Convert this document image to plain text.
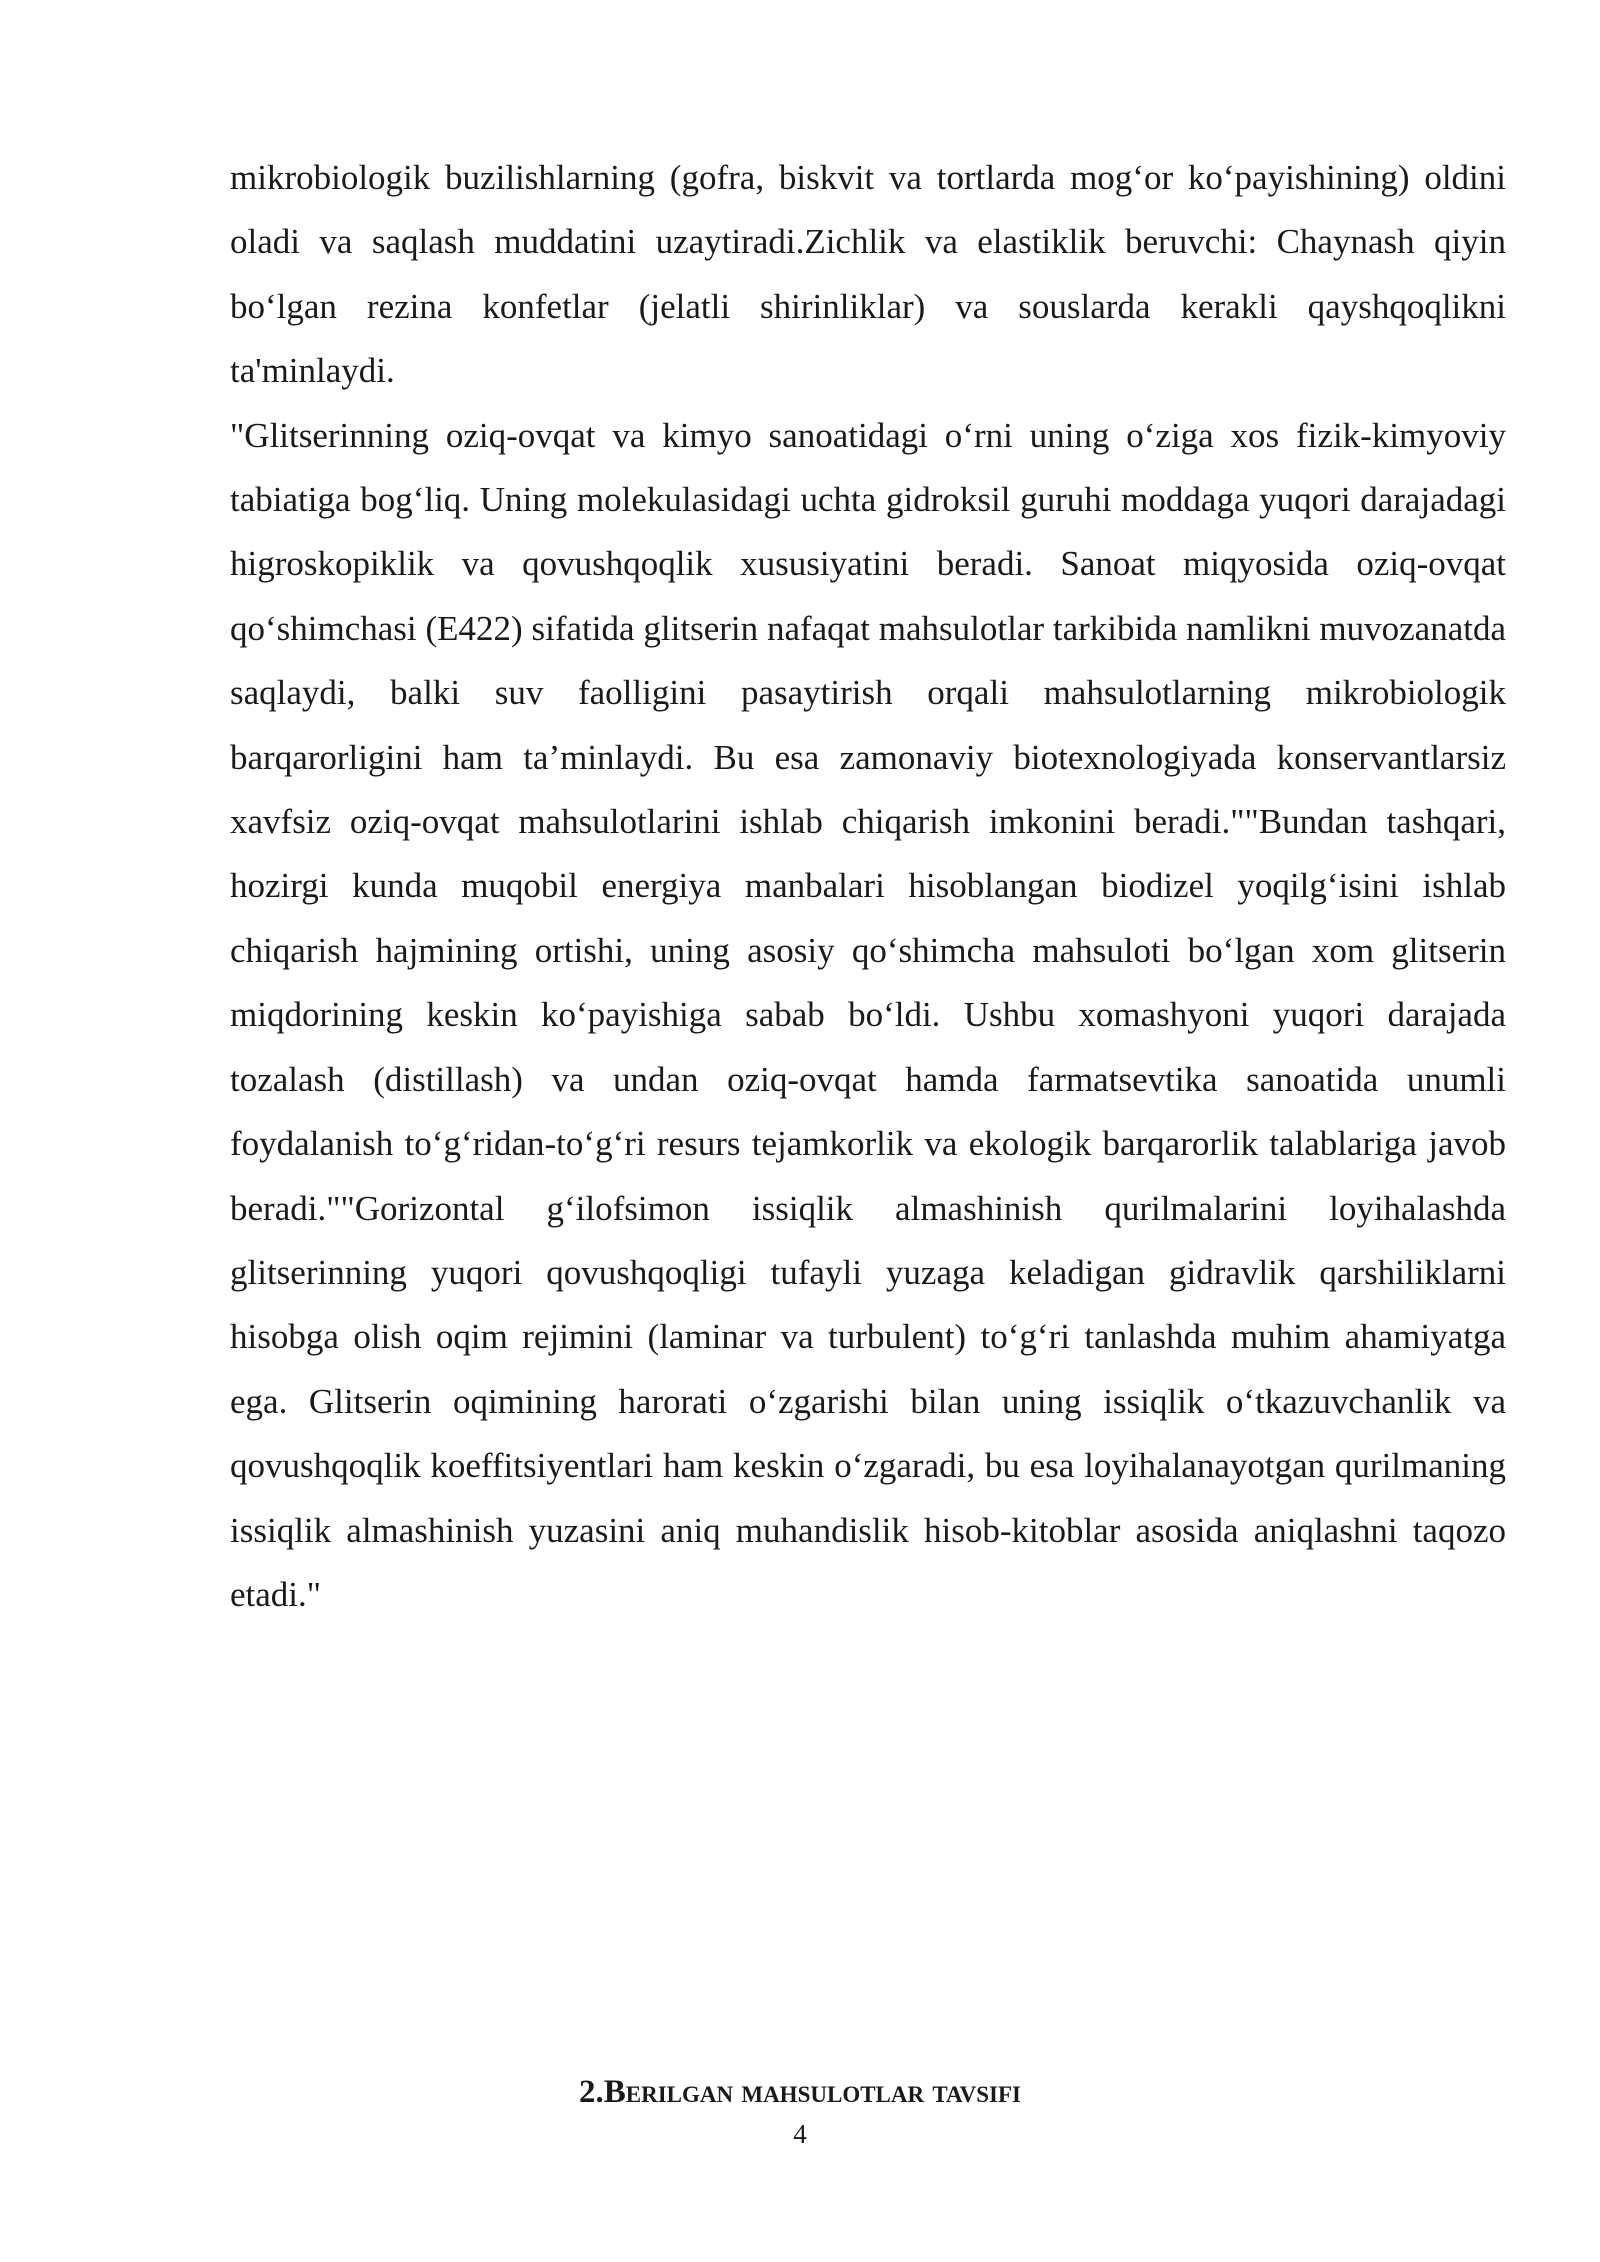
mikrobiologik buzilishlarning (gofra, biskvit va tortlarda mog‘or ko‘payishining) oldini oladi va saqlash muddatini uzaytiradi.Zichlik va elastiklik beruvchi: Chaynash qiyin bo‘lgan rezina konfetlar (jelatli shirinliklar) va souslarda kerakli qayshqoqlikni ta'minlaydi.

"Glitserinning oziq-ovqat va kimyo sanoatidagi o‘rni uning o‘ziga xos fizik-kimyoviy tabiatiga bog‘liq. Uning molekulasidagi uchta gidroksil guruhi moddaga yuqori darajadagi higroskopiklik va qovushqoqlik xususiyatini beradi. Sanoat miqyosida oziq-ovqat qo‘shimchasi (E422) sifatida glitserin nafaqat mahsulotlar tarkibida namlikni muvozanatda saqlaydi, balki suv faolligini pasaytirish orqali mahsulotlarning mikrobiologik barqarorligini ham ta’minlaydi. Bu esa zamonaviy biotexnologiyada konservantlarsiz xavfsiz oziq-ovqat mahsulotlarini ishlab chiqarish imkonini beradi.""Bundan tashqari, hozirgi kunda muqobil energiya manbalari hisoblangan biodizel yoqilg‘isini ishlab chiqarish hajmining ortishi, uning asosiy qo‘shimcha mahsuloti bo‘lgan xom glitserin miqdorining keskin ko‘payishiga sabab bo‘ldi. Ushbu xomashyoni yuqori darajada tozalash (distillash) va undan oziq-ovqat hamda farmatsevtika sanoatida unumli foydalanish to‘g‘ridan-to‘g‘ri resurs tejamkorlik va ekologik barqarorlik talablariga javob beradi.""Gorizontal g‘ilofsimon issiqlik almashinish qurilmalarini loyihalashda glitserinning yuqori qovushqoqligi tufayli yuzaga keladigan gidravlik qarshiliklarni hisobga olish oqim rejimini (laminar va turbulent) to‘g‘ri tanlashda muhim ahamiyatga ega. Glitserin oqimining harorati o‘zgarishi bilan uning issiqlik o‘tkazuvchanlik va qovushqoqlik koeffitsiyentlari ham keskin o‘zgaradi, bu esa loyihalanayotgan qurilmaning issiqlik almashinish yuzasini aniq muhandislik hisob-kitoblar asosida aniqlashni taqozo etadi."

2.Berilgan mahsulotlar tavsifi
4
